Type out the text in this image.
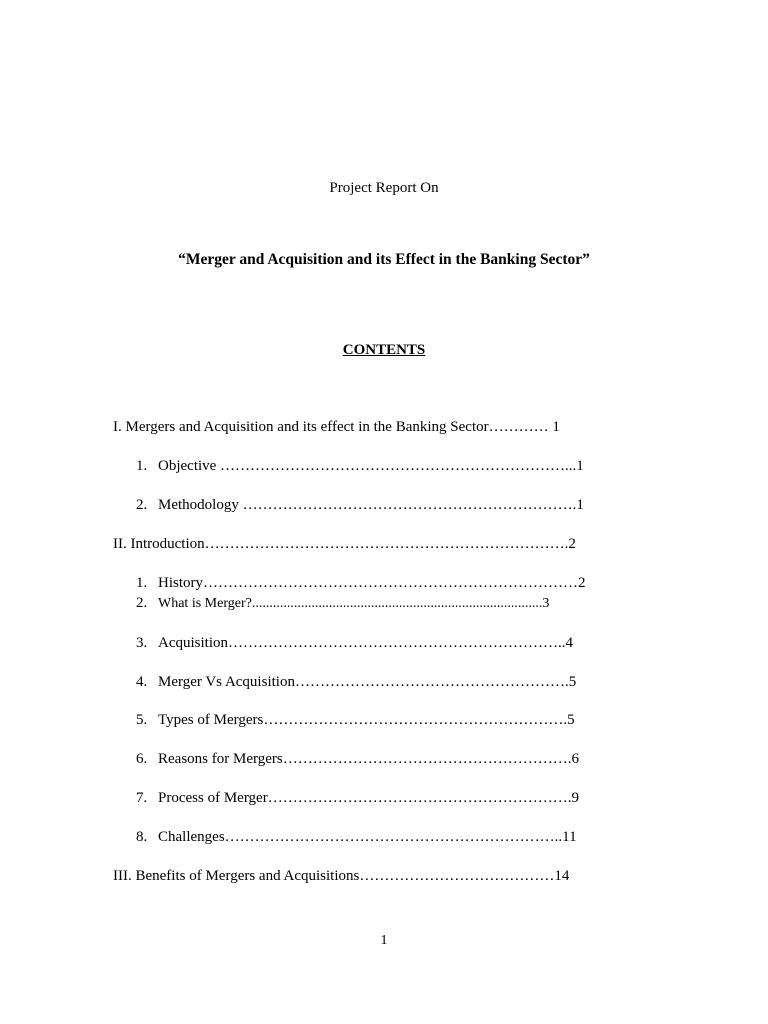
Project Report On
“Merger and Acquisition and its Effect in the Banking Sector”
CONTENTS
I. Mergers and Acquisition and its effect in the Banking Sector………… 1
1. Objective ……………………………………………………………...1
2. Methodology ………………………………………………………….1
II. Introduction……………………………………………………………….2
1. History…………………………………………………………………2
2. What is Merger?...................................................................................3
3. Acquisition…………………………………………………………..4
4. Merger Vs Acquisition……………………………………………….5
5. Types of Mergers…………………………………………………….5
6. Reasons for Mergers………………………………………………….6
7. Process of Merger…………………………………………………….9
8. Challenges…………………………………………………………..11
III. Benefits of Mergers and Acquisitions…………………………………14
1
